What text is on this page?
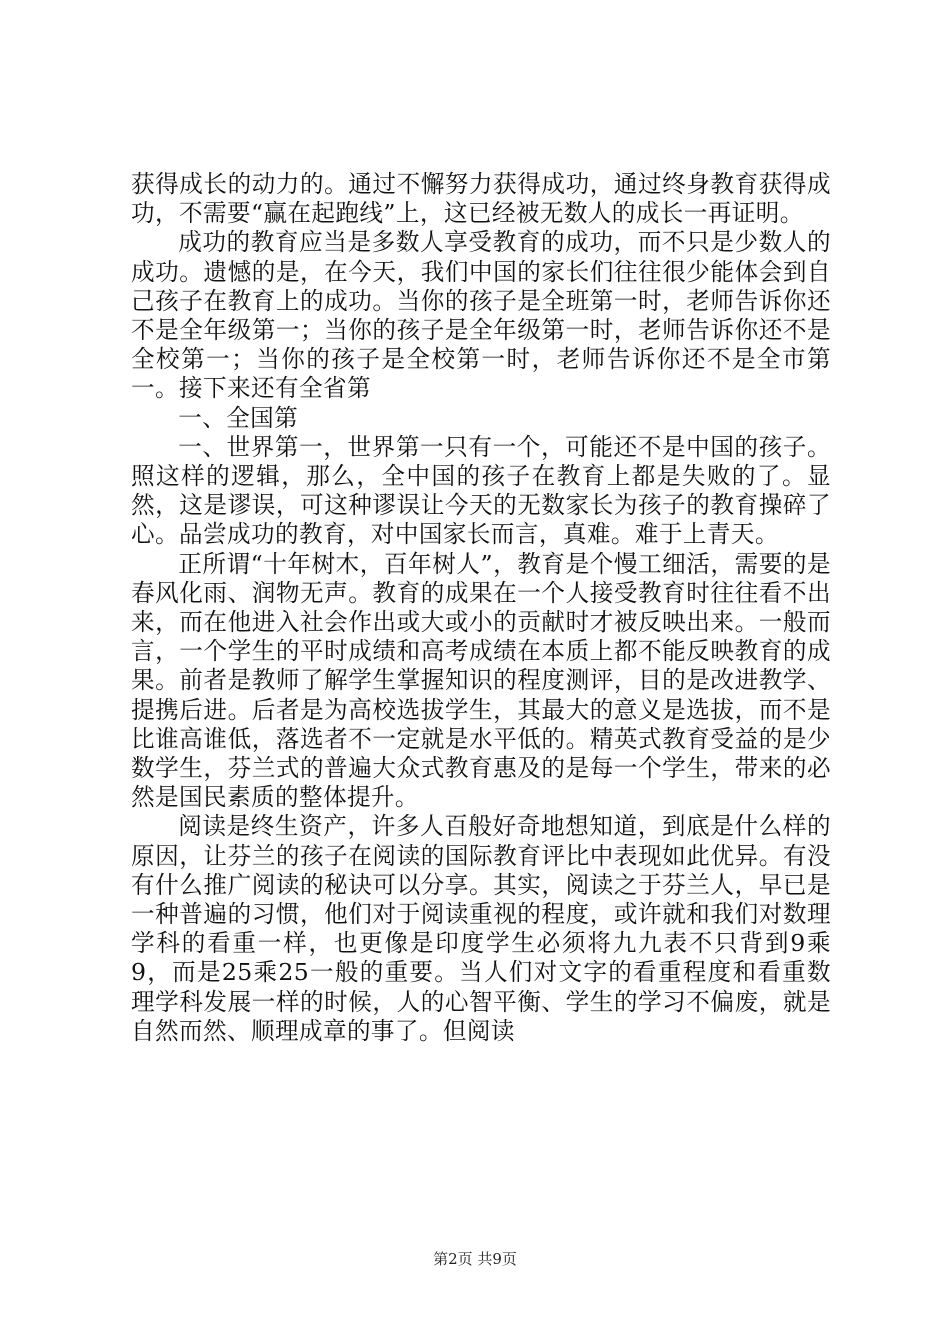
获得成长的动力的。通过不懈努力获得成功，通过终身教育获得成功，不需要“赢在起跑线”上，这已经被无数人的成长一再证明。

成功的教育应当是多数人享受教育的成功，而不只是少数人的成功。遗憾的是，在今天，我们中国的家长们往往很少能体会到自己孩子在教育上的成功。当你的孩子是全班第一时，老师告诉你还不是全年级第一；当你的孩子是全年级第一时，老师告诉你还不是全校第一；当你的孩子是全校第一时，老师告诉你还不是全市第一。接下来还有全省第

一、全国第

一、世界第一，世界第一只有一个，可能还不是中国的孩子。照这样的逻辑，那么，全中国的孩子在教育上都是失败的了。显然，这是谬误，可这种谬误让今天的无数家长为孩子的教育操碎了心。品尝成功的教育，对中国家长而言，真难。难于上青天。

正所谓“十年树木，百年树人”，教育是个慢工细活，需要的是春风化雨、润物无声。教育的成果在一个人接受教育时往往看不出来，而在他进入社会作出或大或小的贡献时才被反映出来。一般而言，一个学生的平时成绩和高考成绩在本质上都不能反映教育的成果。前者是教师了解学生掌握知识的程度测评，目的是改进教学、提携后进。后者是为高校选拔学生，其最大的意义是选拔，而不是比谁高谁低，落选者不一定就是水平低的。精英式教育受益的是少数学生，芬兰式的普遍大众式教育惠及的是每一个学生，带来的必然是国民素质的整体提升。

阅读是终生资产，许多人百般好奇地想知道，到底是什么样的原因，让芬兰的孩子在阅读的国际教育评比中表现如此优异。有没有什么推广阅读的秘诀可以分享。其实，阅读之于芬兰人，早已是一种普遍的习惯，他们对于阅读重视的程度，或许就和我们对数理学科的看重一样，也更像是印度学生必须将九九表不只背到9乘9，而是25乘25一般的重要。当人们对文字的看重程度和看重数理学科发展一样的时候，人的心智平衡、学生的学习不偏废，就是自然而然、顺理成章的事了。但阅读

第2页 共9页
